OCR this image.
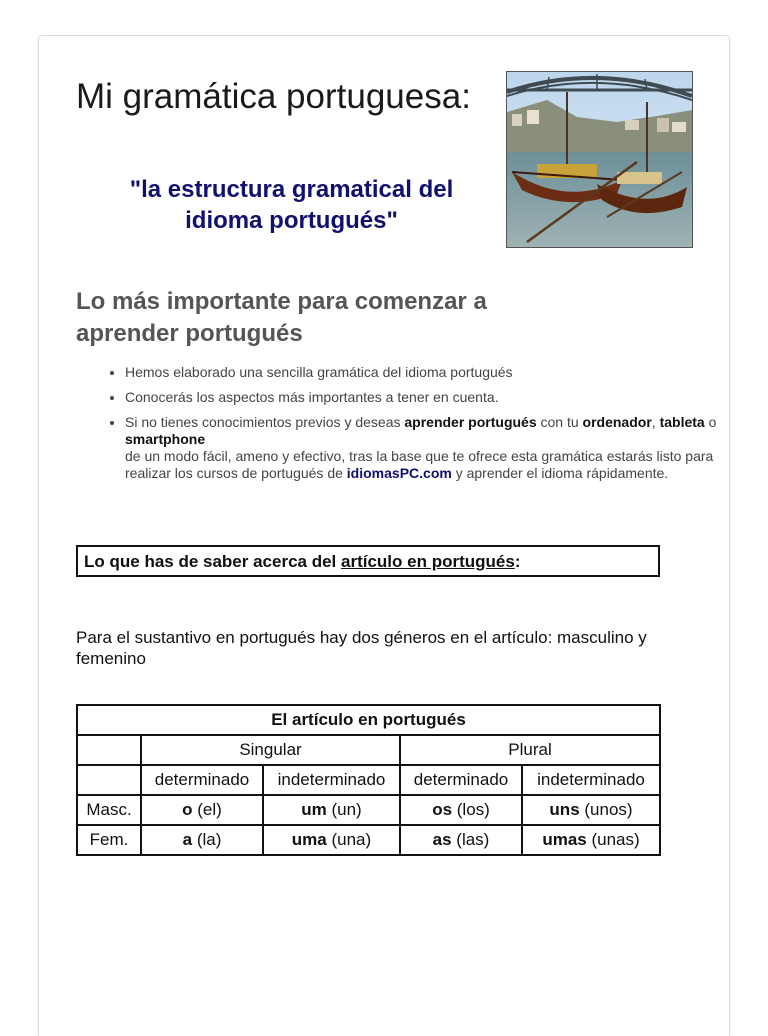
Mi gramática portuguesa:

"la estructura gramatical del idioma portugués"

Lo más importante para comenzar a aprender portugués
• Hemos elaborado una sencilla gramática del idioma portugués
• Conocerás los aspectos más importantes a tener en cuenta.
• Si no tienes conocimientos previos y deseas aprender portugués con tu ordenador, tableta o smartphone
de un modo fácil, ameno y efectivo, tras la base que te ofrece esta gramática estarás listo para realizar los cursos de portugués de idiomasPC.com y aprender el idioma rápidamente.
Lo que has de saber acerca del artículo en portugués:

Para el sustantivo en portugués hay dos géneros en el artículo: masculino y femenino

El artículo en portugués				
	Singular		Plural	
	determinado	indeterminado	determinado	indeterminado
Masc.	o (el)	um (un)	os (los)	uns (unos)
Fem.	a (la)	uma (una)	as (las)	umas (unas)
